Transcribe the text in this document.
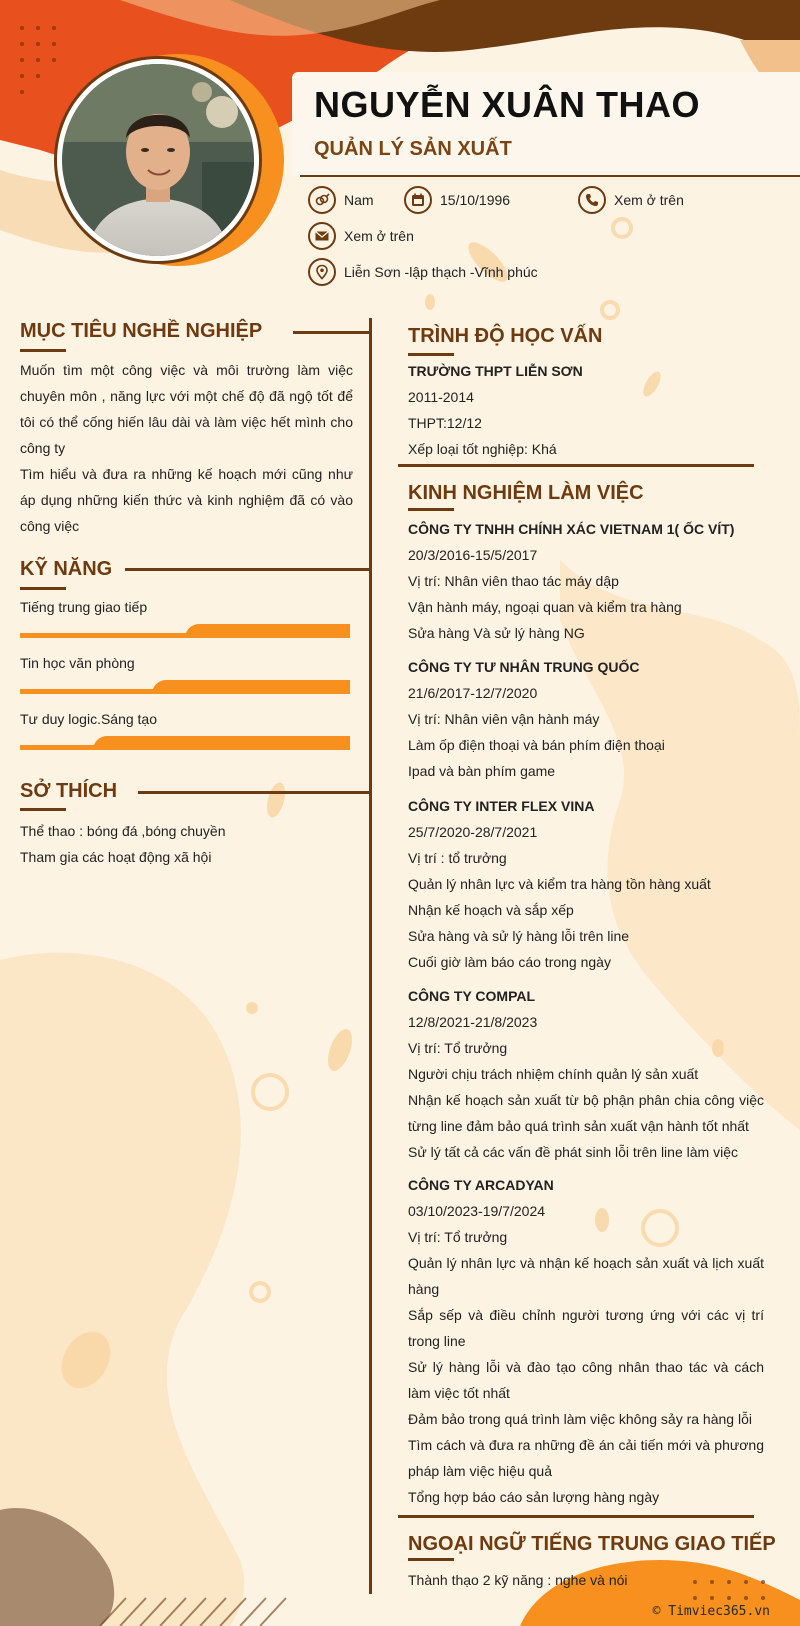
NGUYỄN XUÂN THAO
QUẢN LÝ SẢN XUẤT
Nam	15/10/1996	Xem ở trên
Xem ở trên
Liễn Sơn -lập thạch -Vĩnh phúc
MỤC TIÊU NGHỀ NGHIỆP
Muốn tìm một công việc và môi trường làm việc chuyên môn , năng lực với một chế độ đã ngộ tốt để tôi có thể cống hiến lâu dài và làm việc hết mình cho công ty
Tìm hiểu và đưa ra những kế hoạch mới cũng như áp dụng những kiến thức và kinh nghiệm đã có vào công việc
KỸ NĂNG
Tiếng trung giao tiếp
Tin học văn phòng
Tư duy logic.Sáng tạo
SỞ THÍCH
Thể thao : bóng đá ,bóng chuyền
Tham gia các hoạt động xã hội
TRÌNH ĐỘ HỌC VẤN
TRƯỜNG THPT LIỄN SƠN
2011-2014
THPT:12/12
Xếp loại tốt nghiệp: Khá
KINH NGHIỆM LÀM VIỆC
CÔNG TY TNHH CHÍNH XÁC VIETNAM 1( ỐC VÍT)
20/3/2016-15/5/2017
Vị trí: Nhân viên thao tác máy dập
Vận hành máy, ngoại quan và kiểm tra hàng
Sửa hàng Và sử lý hàng NG
CÔNG TY TƯ NHÂN TRUNG QUỐC
21/6/2017-12/7/2020
Vị trí: Nhân viên vận hành máy
Làm ốp điện thoại và bán phím điện thoại
Ipad và bàn phím game
CÔNG TY INTER FLEX VINA
25/7/2020-28/7/2021
Vị trí : tổ trưởng
Quản lý nhân lực và kiểm tra hàng tồn hàng xuất
Nhận kế hoạch và sắp xếp
Sửa hàng và sử lý hàng lỗi trên line
Cuối giờ làm báo cáo trong ngày
CÔNG TY COMPAL
12/8/2021-21/8/2023
Vị trí: Tổ trưởng
Người chịu trách nhiệm chính quản lý sản xuất
Nhận kế hoạch sản xuất từ bộ phận phân chia công việc từng line đảm bảo quá trình sản xuất vận hành tốt nhất
Sử lý tất cả các vấn đề phát sinh lỗi trên line làm việc
CÔNG TY ARCADYAN
03/10/2023-19/7/2024
Vị trí: Tổ trưởng
Quản lý nhân lực và nhận kế hoạch sản xuất và lịch xuất hàng
Sắp sếp và điều chỉnh người tương ứng với các vị trí trong line
Sử lý hàng lỗi và đào tạo công nhân thao tác và cách làm việc tốt nhất
Đảm bảo trong quá trình làm việc không sảy ra hàng lỗi
Tìm cách và đưa ra những đề án cải tiến mới và phương pháp làm việc hiệu quả
Tổng hợp báo cáo sản lượng hàng ngày
NGOẠI NGỮ TIẾNG TRUNG GIAO TIẾP
Thành thạo 2 kỹ năng : nghe và nói
© Timviec365.vn
